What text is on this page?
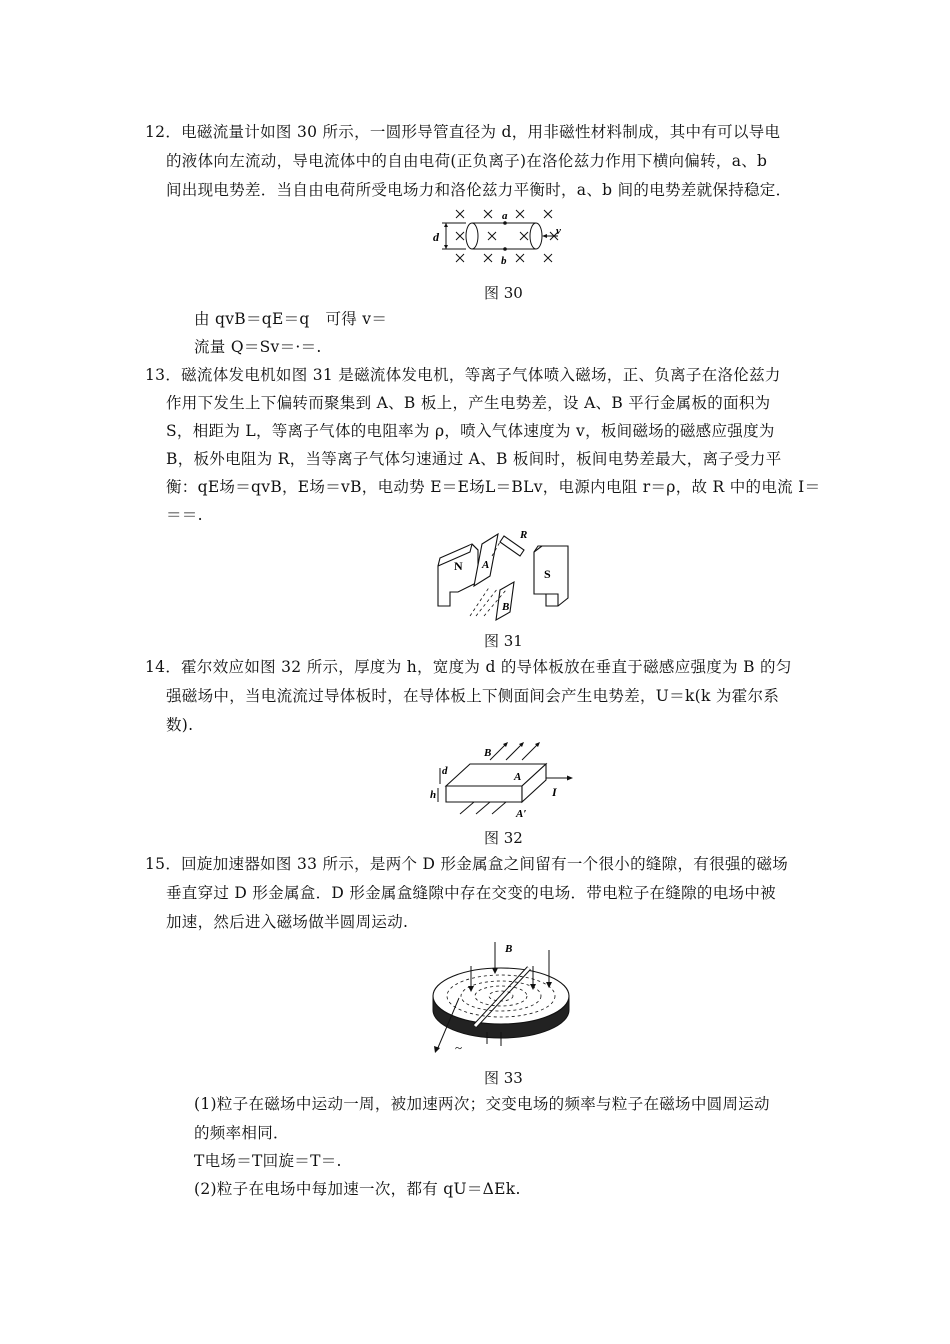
12．电磁流量计如图 30 所示，一圆形导管直径为 d，用非磁性材料制成，其中有可以导电
的液体向左流动，导电流体中的自由电荷(正负离子)在洛伦兹力作用下横向偏转，a、b
间出现电势差．当自由电荷所受电场力和洛伦兹力平衡时，a、b 间的电势差就保持稳定．
d
a
b
v
图 30
由 qvB＝qE＝q　可得 v＝
流量 Q＝Sv＝·＝.
13．磁流体发电机如图 31 是磁流体发电机，等离子气体喷入磁场，正、负离子在洛伦兹力
作用下发生上下偏转而聚集到 A、B 板上，产生电势差，设 A、B 平行金属板的面积为
S，相距为 L，等离子气体的电阻率为 ρ，喷入气体速度为 v，板间磁场的磁感应强度为
B，板外电阻为 R，当等离子气体匀速通过 A、B 板间时，板间电势差最大，离子受力平
衡：qE场＝qvB，E场＝vB，电动势 E＝E场L＝BLv，电源内电阻 r＝ρ，故 R 中的电流 I＝
＝＝.
N
S
A
B
R
图 31
14．霍尔效应如图 32 所示，厚度为 h，宽度为 d 的导体板放在垂直于磁感应强度为 B 的匀
强磁场中，当电流流过导体板时，在导体板上下侧面间会产生电势差，U＝k(k 为霍尔系
数).
B
d
h
A
A′
I
图 32
15．回旋加速器如图 33 所示，是两个 D 形金属盒之间留有一个很小的缝隙，有很强的磁场
垂直穿过 D 形金属盒．D 形金属盒缝隙中存在交变的电场．带电粒子在缝隙的电场中被
加速，然后进入磁场做半圆周运动.
B
~
图 33
(1)粒子在磁场中运动一周，被加速两次；交变电场的频率与粒子在磁场中圆周运动
的频率相同．
T电场＝T回旋＝T＝.
(2)粒子在电场中每加速一次，都有 qU＝ΔEk.
